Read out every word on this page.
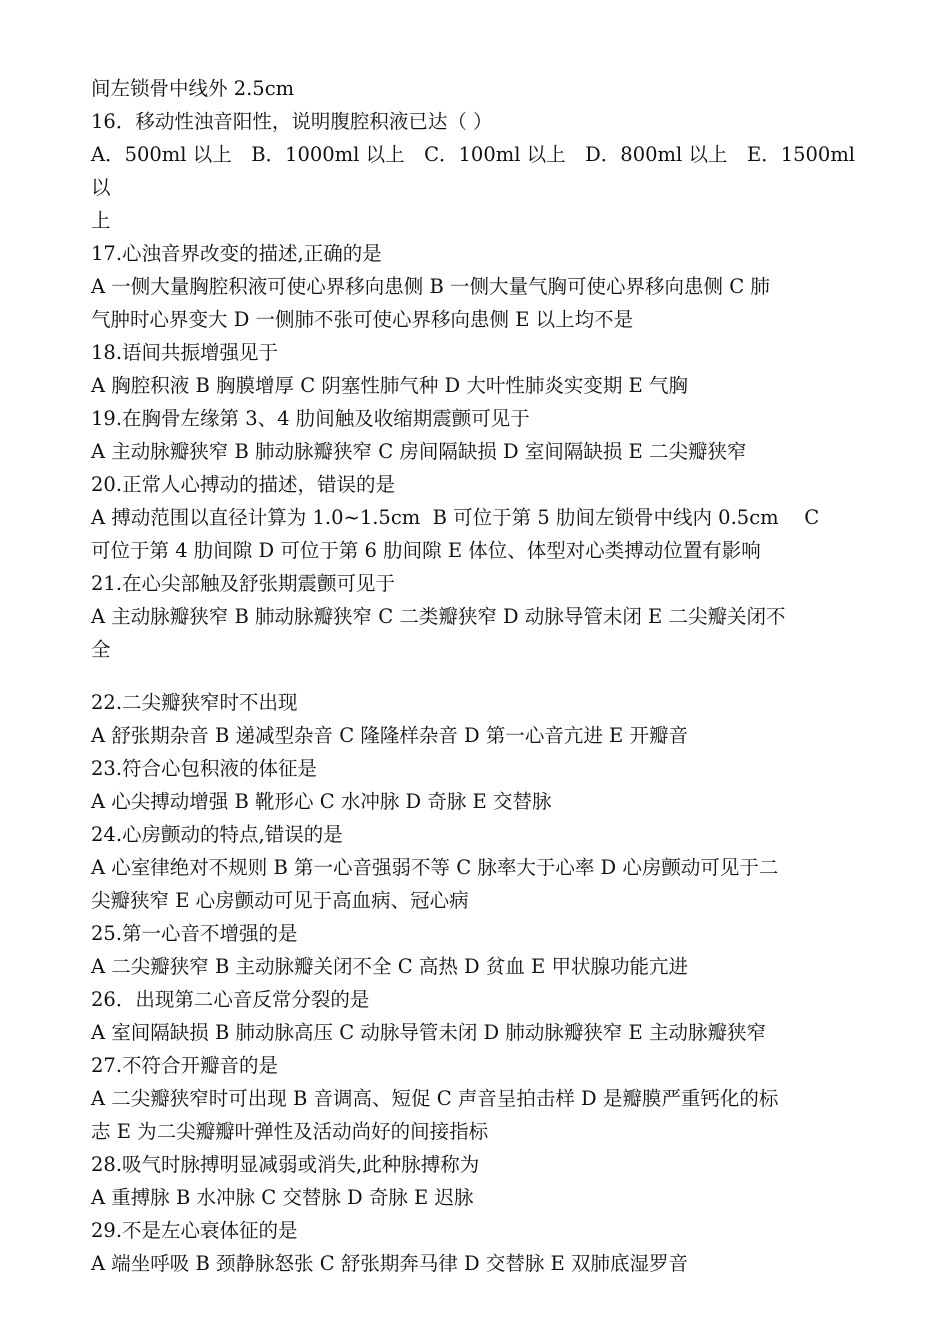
间左锁骨中线外 2.5cm
16．移动性浊音阳性，说明腹腔积液已达（ ）
A．500ml 以上　B．1000ml 以上　C．100ml 以上　D．800ml 以上　E．1500ml 以
上
17.心浊音界改变的描述,正确的是
A 一侧大量胸腔积液可使心界移向患侧 B 一侧大量气胸可使心界移向患侧 C 肺
气肿时心界变大 D 一侧肺不张可使心界移向患侧 E 以上均不是
18.语间共振增强见于
A 胸腔积液 B 胸膜增厚 C 阴塞性肺气种 D 大叶性肺炎实变期 E 气胸
19.在胸骨左缘第 3、4 肋间触及收缩期震颤可见于
A 主动脉瓣狭窄 B 肺动脉瓣狭窄 C 房间隔缺损 D 室间隔缺损 E 二尖瓣狭窄
20.正常人心搏动的描述，错误的是
A 搏动范围以直径计算为 1.0~1.5cm  B 可位于第 5 肋间左锁骨中线内 0.5cm　 C
可位于第 4 肋间隙 D 可位于第 6 肋间隙 E 体位、体型对心类搏动位置有影响
21.在心尖部触及舒张期震颤可见于
A 主动脉瓣狭窄 B 肺动脉瓣狭窄 C 二类瓣狭窄 D 动脉导管未闭 E 二尖瓣关闭不
全
22.二尖瓣狭窄时不出现
A 舒张期杂音 B 递减型杂音 C 隆隆样杂音 D 第一心音亢进 E 开瓣音
23.符合心包积液的体征是
A 心尖搏动增强 B 靴形心 C 水冲脉 D 奇脉 E 交替脉
24.心房颤动的特点,错误的是
A 心室律绝对不规则 B 第一心音强弱不等 C 脉率大于心率 D 心房颤动可见于二
尖瓣狭窄 E 心房颤动可见于高血病、冠心病
25.第一心音不增强的是
A 二尖瓣狭窄 B 主动脉瓣关闭不全 C 高热 D 贫血 E 甲状腺功能亢进
26．出现第二心音反常分裂的是
A 室间隔缺损 B 肺动脉高压 C 动脉导管未闭 D 肺动脉瓣狭窄 E 主动脉瓣狭窄
27.不符合开瓣音的是
A 二尖瓣狭窄时可出现 B 音调高、短促 C 声音呈拍击样 D 是瓣膜严重钙化的标
志 E 为二尖瓣瓣叶弹性及活动尚好的间接指标
28.吸气时脉搏明显减弱或消失,此种脉搏称为
A 重搏脉 B 水冲脉 C 交替脉 D 奇脉 E 迟脉
29.不是左心衰体征的是
A 端坐呼吸 B 颈静脉怒张 C 舒张期奔马律 D 交替脉 E 双肺底湿罗音
